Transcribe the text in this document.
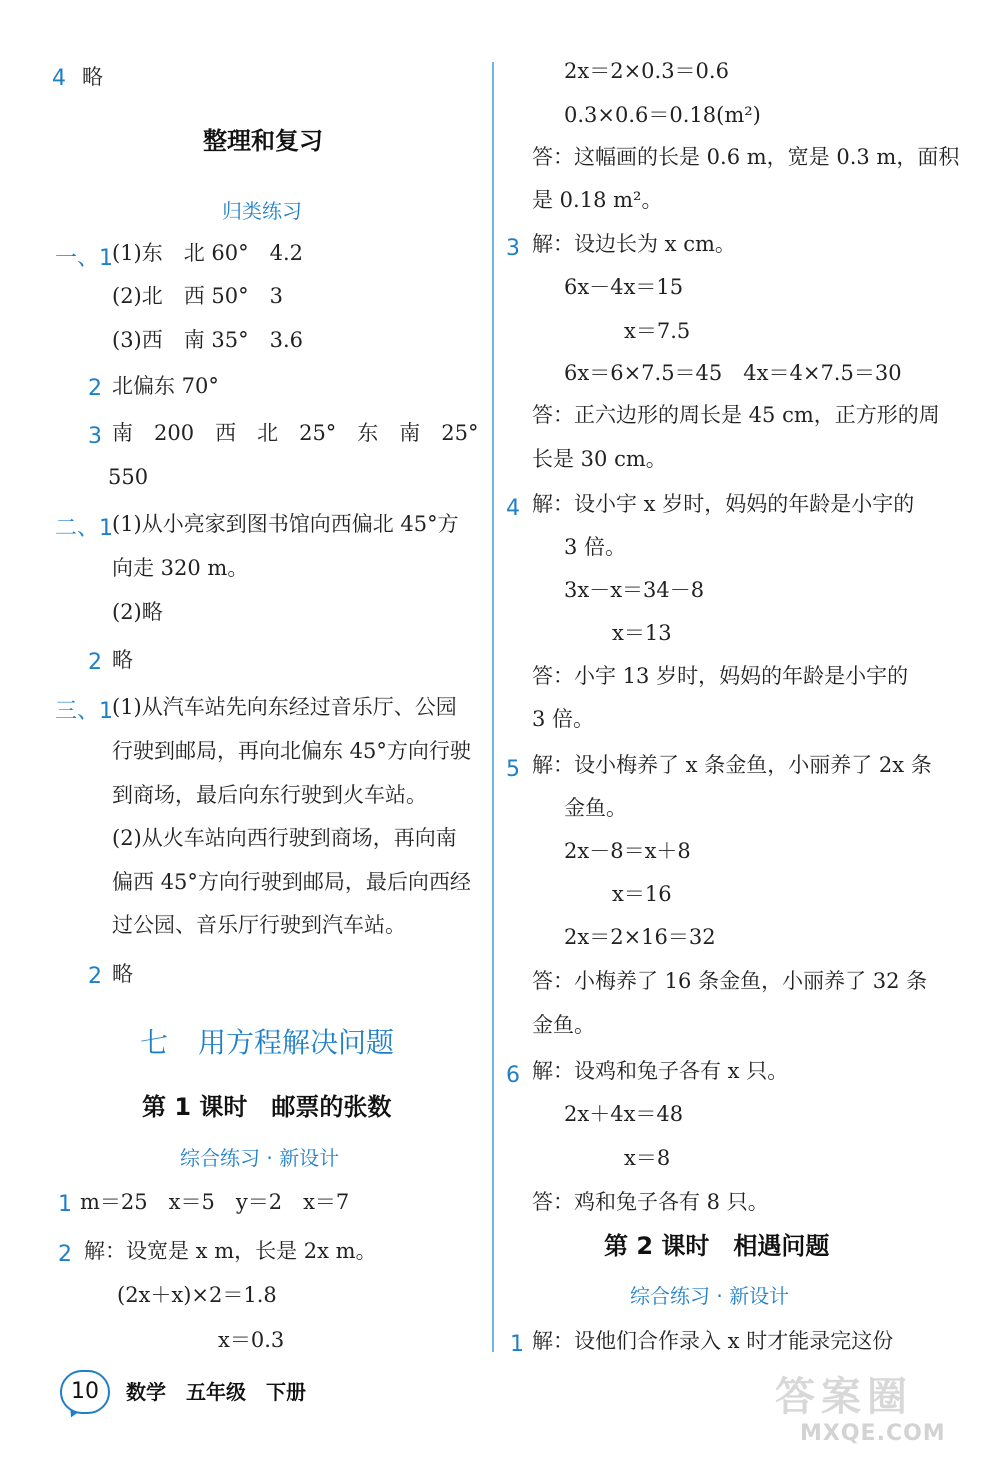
4 略
整理和复习
归类练习
一、1 (1)东　北 60°　4.2
(2)北　西 50°　3
(3)西　南 35°　3.6
2 北偏东 70°
3 南　200　西　北　25°　东　南　25°
550
二、1 (1)从小亮家到图书馆向西偏北 45°方
向走 320 m。
(2)略
2 略
三、1 (1)从汽车站先向东经过音乐厅、公园
行驶到邮局，再向北偏东 45°方向行驶
到商场，最后向东行驶到火车站。
(2)从火车站向西行驶到商场，再向南
偏西 45°方向行驶到邮局，最后向西经
过公园、音乐厅行驶到汽车站。
2 略
七 用方程解决问题
第 1 课时　邮票的张数
综合练习 · 新设计
1 m＝25　x＝5　y＝2　x＝7
2 解：设宽是 x m，长是 2x m。
(2x＋x)×2＝1.8
x＝0.3
2x＝2×0.3＝0.6
0.3×0.6＝0.18(m²)
答：这幅画的长是 0.6 m，宽是 0.3 m，面积
是 0.18 m²。
3 解：设边长为 x cm。
6x－4x＝15
x＝7.5
6x＝6×7.5＝45　4x＝4×7.5＝30
答：正六边形的周长是 45 cm，正方形的周
长是 30 cm。
4 解：设小宇 x 岁时，妈妈的年龄是小宇的
3 倍。
3x－x＝34－8
x＝13
答：小宇 13 岁时，妈妈的年龄是小宇的
3 倍。
5 解：设小梅养了 x 条金鱼，小丽养了 2x 条
金鱼。
2x－8＝x＋8
x＝16
2x＝2×16＝32
答：小梅养了 16 条金鱼，小丽养了 32 条
金鱼。
6 解：设鸡和兔子各有 x 只。
2x＋4x＝48
x＝8
答：鸡和兔子各有 8 只。
第 2 课时　相遇问题
综合练习 · 新设计
1 解：设他们合作录入 x 时才能录完这份
10	数学　五年级　下册	答案圈
MXQE.COM
